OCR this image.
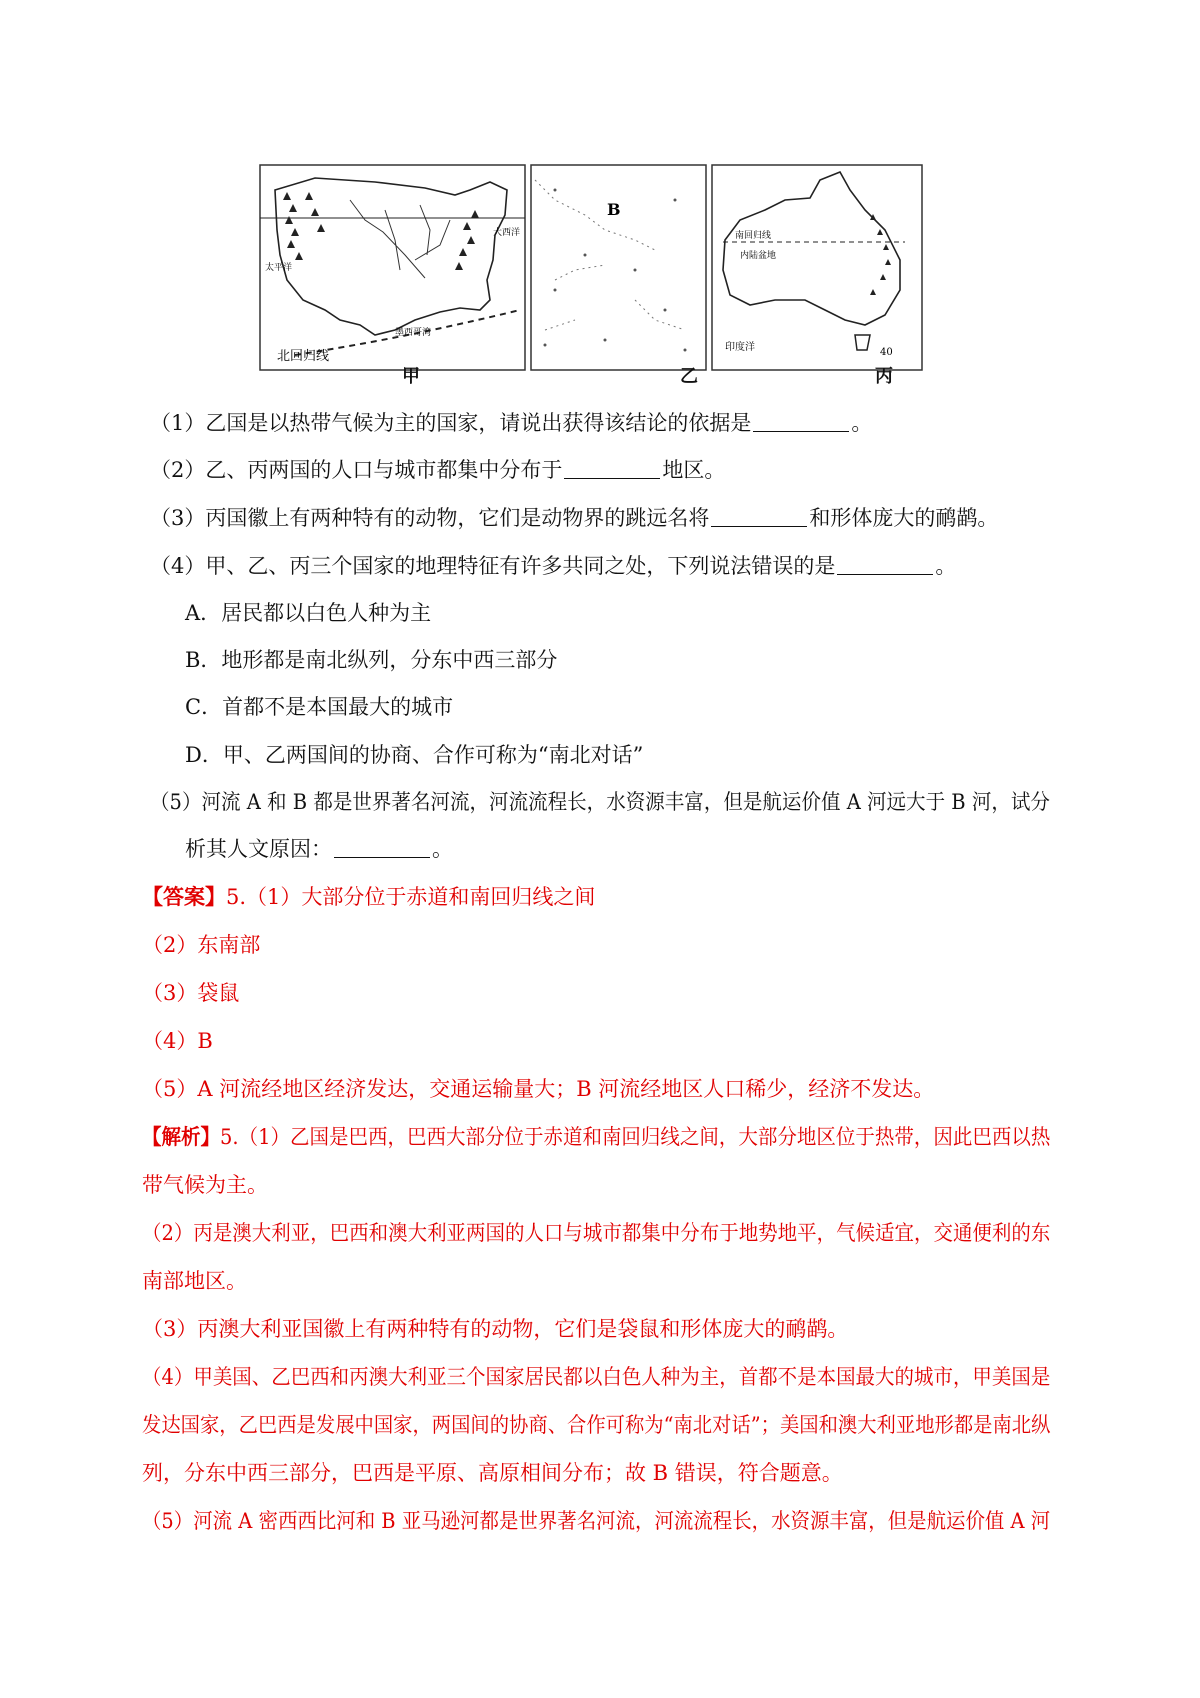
太平洋
大西洋
墨西哥湾
北回归线
B
南回归线
内陆盆地
印度洋	40
甲	乙	丙
（1）乙国是以热带气候为主的国家，请说出获得该结论的依据是	。
（2）乙、丙两国的人口与城市都集中分布于	地区。
（3）丙国徽上有两种特有的动物，它们是动物界的跳远名将	和形体庞大的鸸鹋。
（4）甲、乙、丙三个国家的地理特征有许多共同之处，下列说法错误的是	。
A．居民都以白色人种为主
B．地形都是南北纵列，分东中西三部分
C．首都不是本国最大的城市
D．甲、乙两国间的协商、合作可称为“南北对话”
（5）河流 A 和 B 都是世界著名河流，河流流程长，水资源丰富，但是航运价值 A 河远大于 B 河，试分
析其人文原因：	。
【答案】5.（1）大部分位于赤道和南回归线之间
（2）东南部
（3）袋鼠
（4）B
（5）A 河流经地区经济发达，交通运输量大；B 河流经地区人口稀少，经济不发达。
【解析】5.（1）乙国是巴西，巴西大部分位于赤道和南回归线之间，大部分地区位于热带，因此巴西以热
带气候为主。
（2）丙是澳大利亚，巴西和澳大利亚两国的人口与城市都集中分布于地势地平，气候适宜，交通便利的东
南部地区。
（3）丙澳大利亚国徽上有两种特有的动物，它们是袋鼠和形体庞大的鸸鹋。
（4）甲美国、乙巴西和丙澳大利亚三个国家居民都以白色人种为主，首都不是本国最大的城市，甲美国是
发达国家，乙巴西是发展中国家，两国间的协商、合作可称为“南北对话”；美国和澳大利亚地形都是南北纵
列，分东中西三部分，巴西是平原、高原相间分布；故 B 错误，符合题意。
（5）河流 A 密西西比河和 B 亚马逊河都是世界著名河流，河流流程长，水资源丰富，但是航运价值 A 河
